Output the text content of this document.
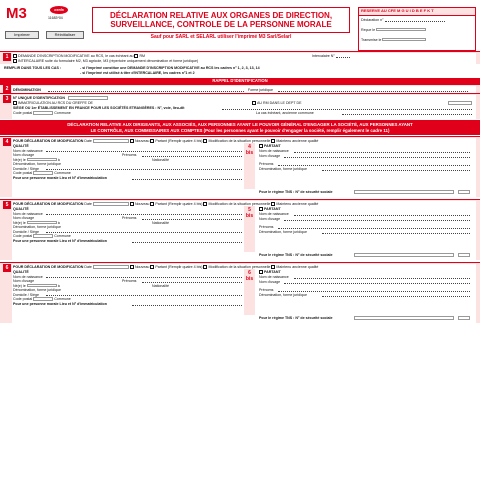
M3	cerfa
11683*04
Imprimer	Réinitialiser
DÉCLARATION RELATIVE AUX ORGANES DE DIRECTION,
SURVEILLANCE, CONTROLE DE LA PERSONNE MORALE
Sauf pour SARL et SELARL utiliser l'imprimé M3 Sarl/Selarl
RESERVE AU CFE M G U I D B E F K T
Déclaration n°
Reçue le
Transmise le
1	DEMANDE D'INSCRIPTION MODIFICATIVE au RCS, le cas échéant au RM	Intercalaire N°
INTERCALAIRE suite du formulaire M2, M3 agricole, M3 (répertoire uniquement dénomination et forme juridique)
REMPLIR DANS TOUS LES CAS :	- si l'imprimé constitue une DEMANDE D'INSCRIPTION MODIFICATIVE au RCS les cadres n° 1, 2, 3, 13, 14
- si l'imprimé est utilisé à titre d'INTERCALAIRE, les cadres n°1 et 2
RAPPEL D'IDENTIFICATION
2	DÉNOMINATION	Forme juridique
3	N° UNIQUE D'IDENTIFICATION
IMMATRICULATION AU RCS DU GREFFE DE	AU RM DANS LE DEPT DE
SIÈGE OU 1er ÉTABLISSEMENT EN FRANCE POUR LES SOCIÉTÉS ETRANGÈRES : N°, voie, lieu-dit
Code postal	Commune	La cas échéant, ancienne commune
DÉCLARATION RELATIVE AUX DIRIGEANTS, AUX ASSOCIÉS, AUX PERSONNES AYANT LE POUVOIR GÉNÉRAL D'ENGAGER LA SOCIÉTÉ, AUX PERSONNES AYANT
LE CONTRÔLE, AUX COMMISSAIRES AUX COMPTES (Pour les personnes ayant le pouvoir d'engager la société, remplir également le cadre 11)
4	POUR DÉCLARATION DE MODIFICATION Date	Nouveau Partant (Remplir quatre 4 bis) Modification de la situation personnelle Maintenu ancienne qualité
QUALITÉ
Nom de naissance
Nom d'usage	Prénoms
Né(e) le	à	Nationalité
Dénomination, forme juridique
Domicile / Siège
Code postal	Commune
Pour une personne morale Lieu et N° d'immatriculation
4 bis
PARTANT
Nom de naissance
Nom d'usage
Prénoms
Dénomination, forme juridique
Pour le régime TNS : N° de sécurité sociale
5	POUR DÉCLARATION DE MODIFICATION Date	Nouveau Partant (Remplir quatre 4 bis) Modification de la situation personnelle Maintenu ancienne qualité
QUALITÉ
Nom de naissance
Nom d'usage	Prénoms
Né(e) le	à	Nationalité
Dénomination, forme juridique
Domicile / Siège
Code postal	Commune
Pour une personne morale Lieu et N° d'immatriculation
5 bis
PARTANT
Nom de naissance
Nom d'usage
Prénoms
Dénomination, forme juridique
Pour le régime TNS : N° de sécurité sociale
6	POUR DÉCLARATION DE MODIFICATION Date	Nouveau Partant (Remplir quatre 4 bis) Modification de la situation personnelle Maintenu ancienne qualité
QUALITÉ
Nom de naissance
Nom d'usage	Prénoms
Né(e) le	à	Nationalité
Dénomination, forme juridique
Domicile / Siège
Code postal	Commune
Pour une personne morale Lieu et N° d'immatriculation
6 bis
PARTANT
Nom de naissance
Nom d'usage
Prénoms
Dénomination, forme juridique
Pour le régime TNS : N° de sécurité sociale
